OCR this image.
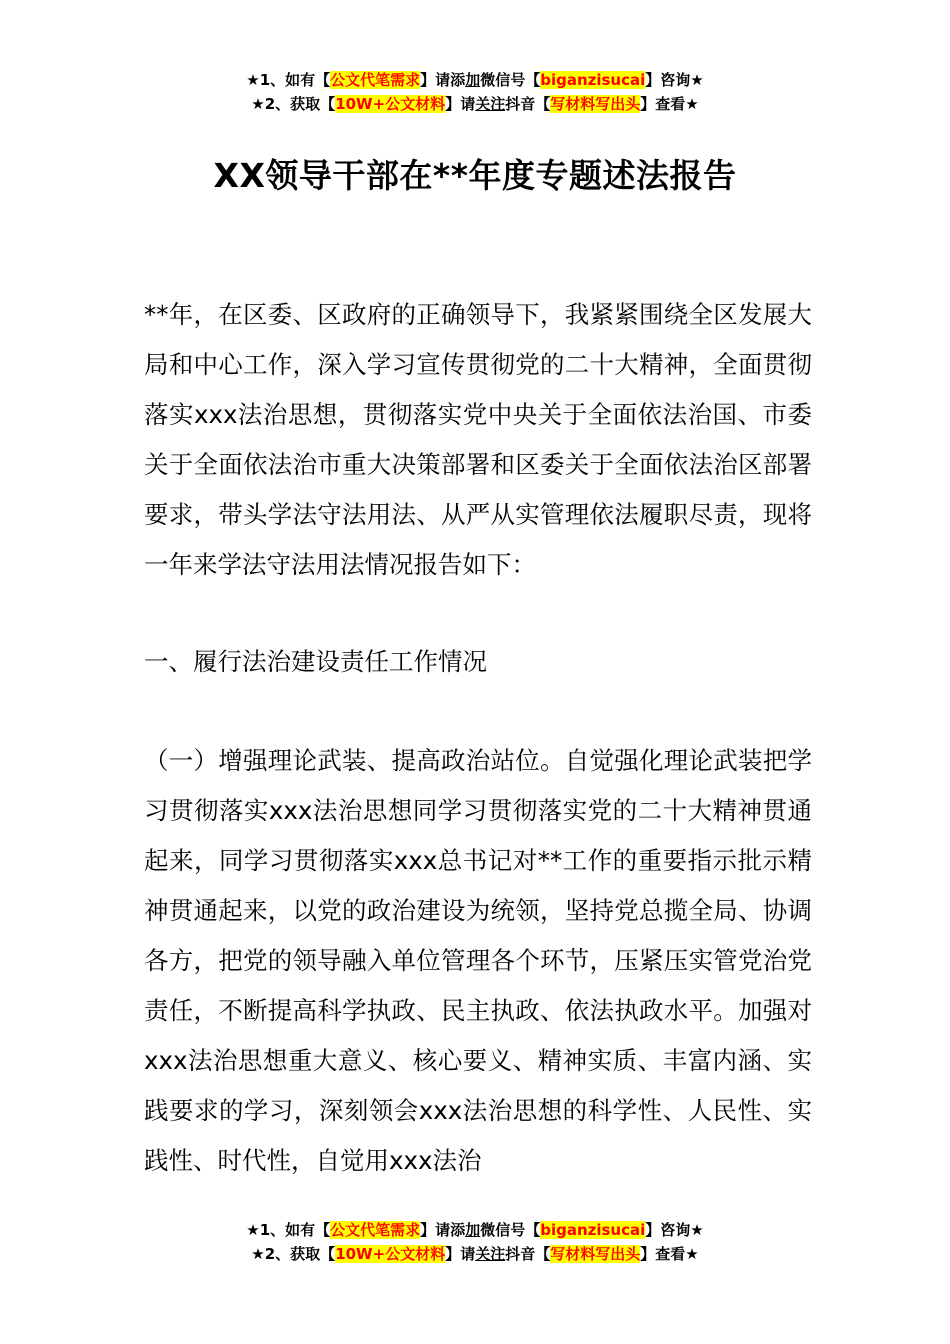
★1、如有【公文代笔需求】请添加微信号【biganzisucai】咨询★
★2、获取【10W+公文材料】请关注抖音【写材料写出头】查看★
XX领导干部在**年度专题述法报告

**年，在区委、区政府的正确领导下，我紧紧围绕全区发展大局和中心工作，深入学习宣传贯彻党的二十大精神，全面贯彻落实xxx法治思想，贯彻落实党中央关于全面依法治国、市委关于全面依法治市重大决策部署和区委关于全面依法治区部署要求，带头学法守法用法、从严从实管理依法履职尽责，现将一年来学法守法用法情况报告如下：

一、履行法治建设责任工作情况

（一）增强理论武装、提高政治站位。自觉强化理论武装把学习贯彻落实xxx法治思想同学习贯彻落实党的二十大精神贯通起来，同学习贯彻落实xxx总书记对**工作的重要指示批示精神贯通起来，以党的政治建设为统领，坚持党总揽全局、协调各方，把党的领导融入单位管理各个环节，压紧压实管党治党责任，不断提高科学执政、民主执政、依法执政水平。加强对xxx法治思想重大意义、核心要义、精神实质、丰富内涵、实践要求的学习，深刻领会xxx法治思想的科学性、人民性、实践性、时代性，自觉用xxx法治

★1、如有【公文代笔需求】请添加微信号【biganzisucai】咨询★
★2、获取【10W+公文材料】请关注抖音【写材料写出头】查看★
